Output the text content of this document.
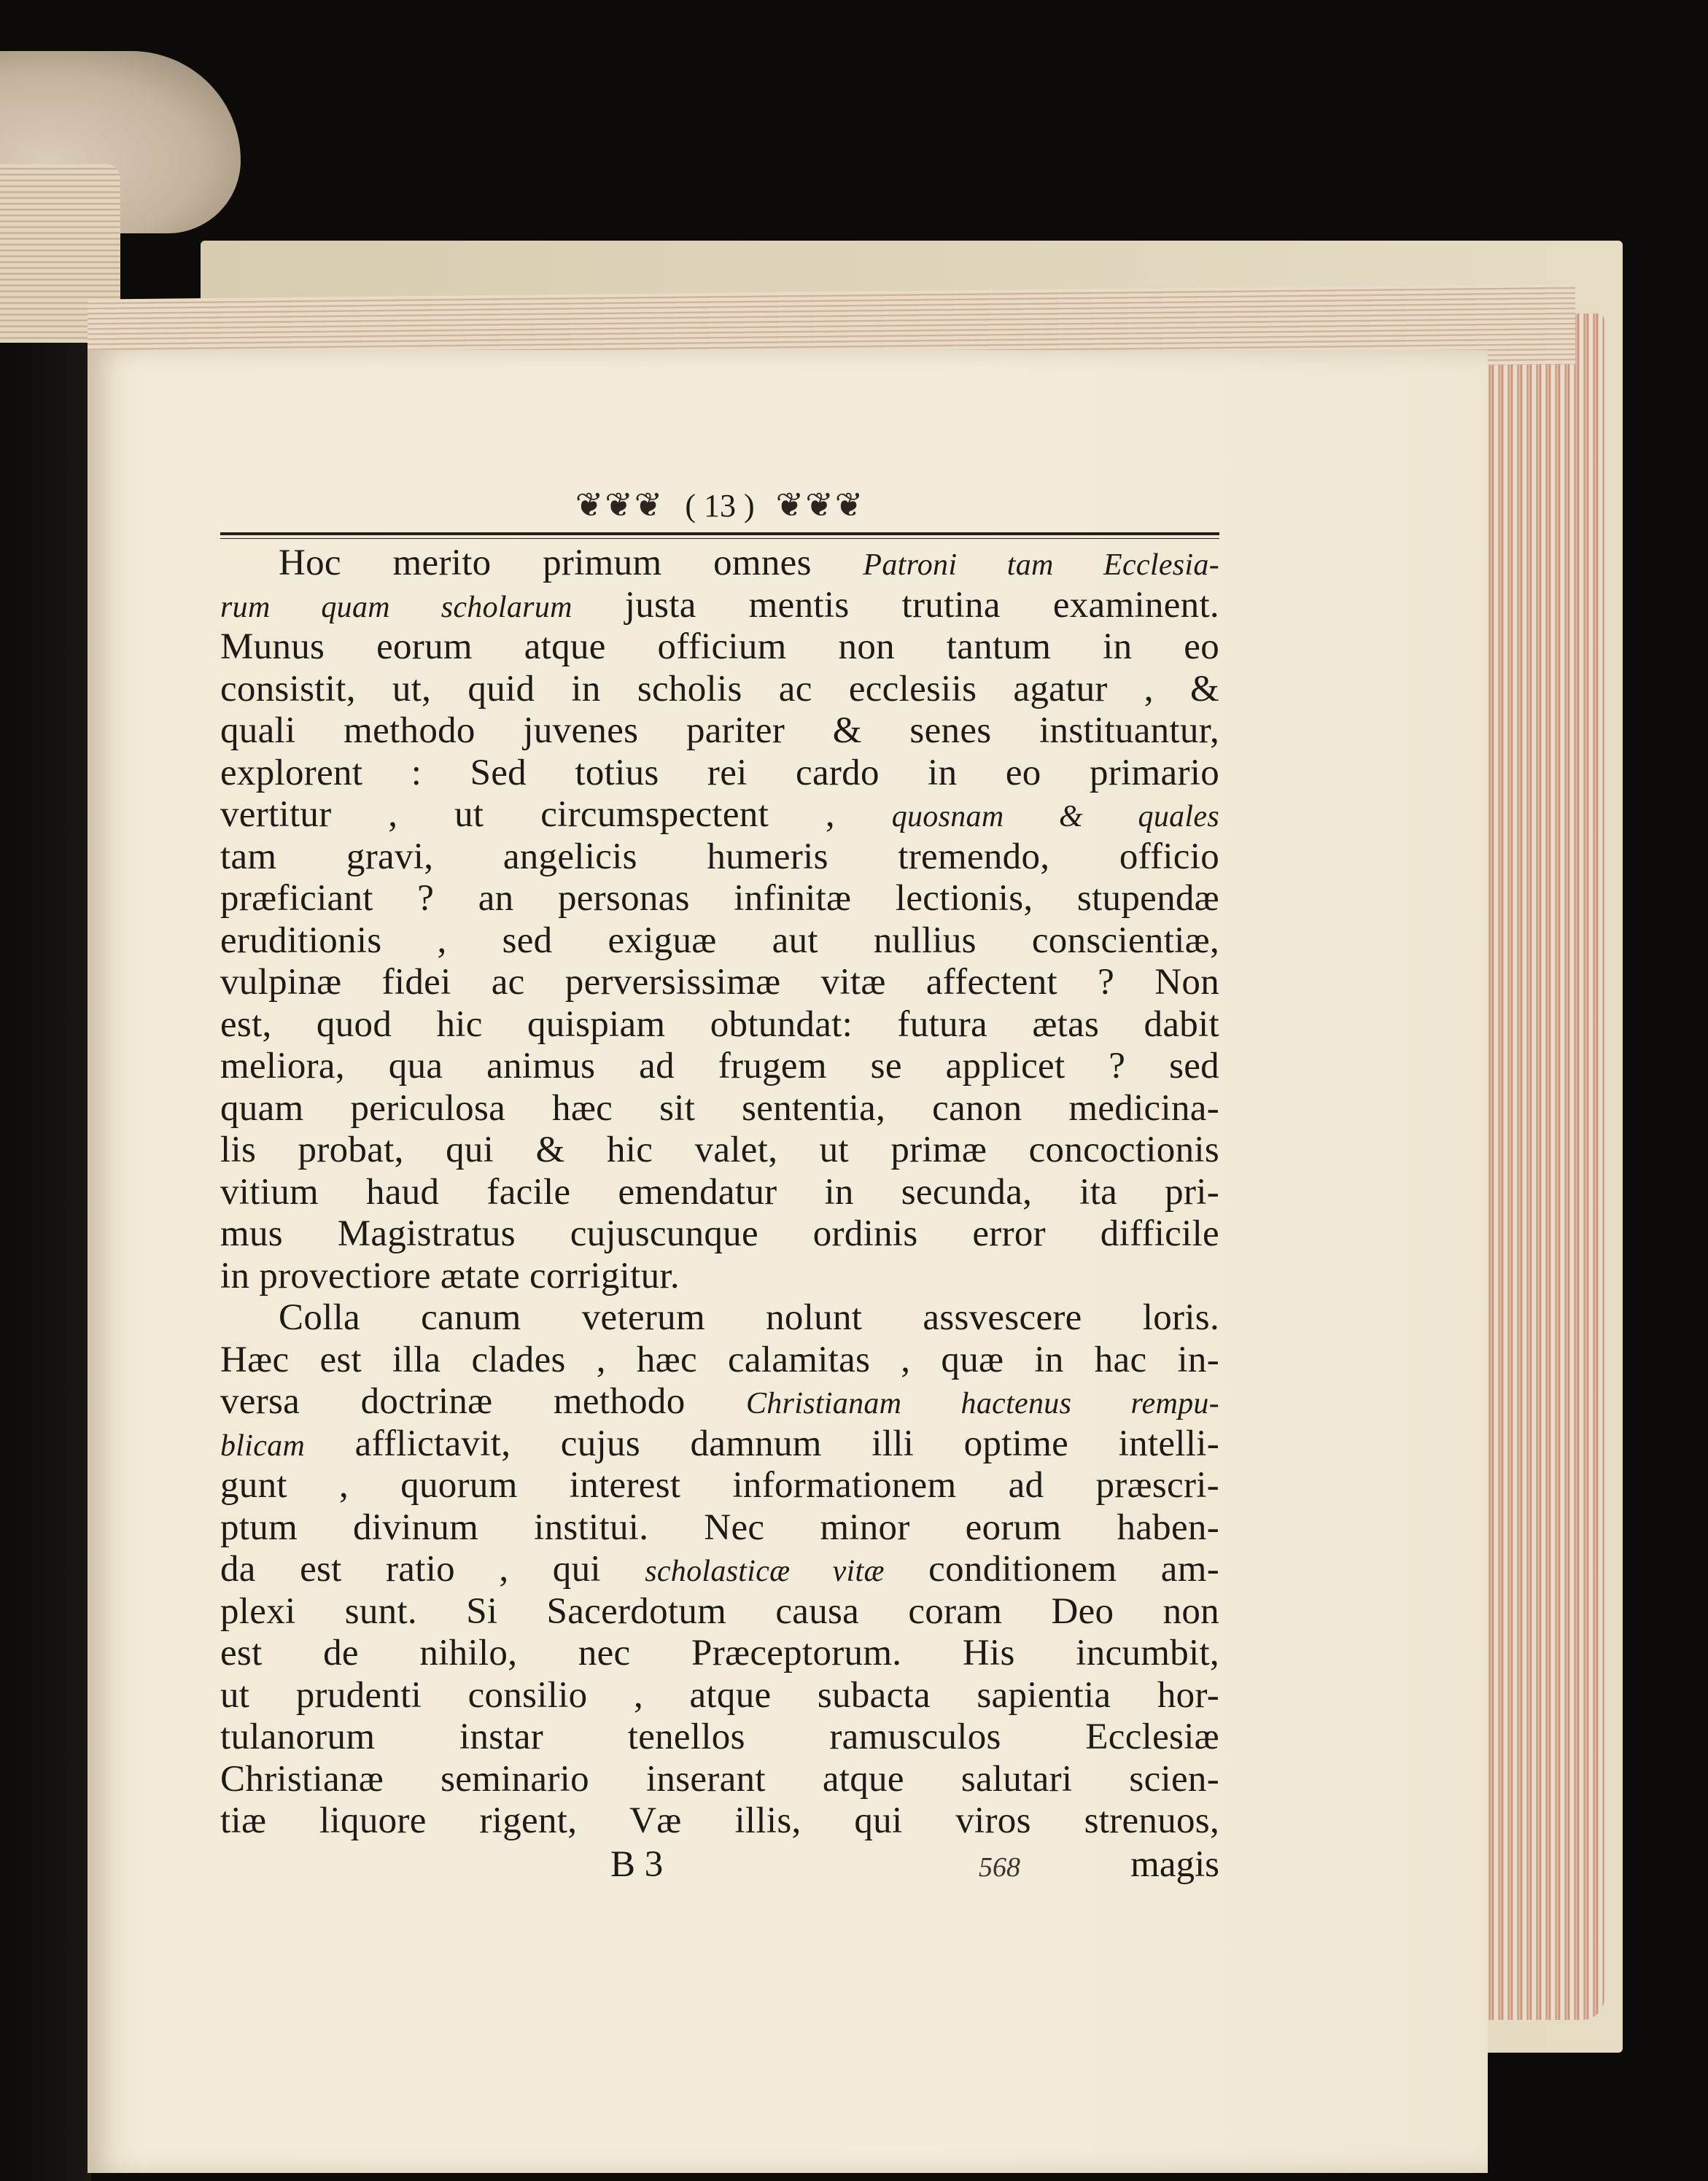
❦❦❦ ( 13 ) ❦❦❦
Hoc merito primum omnes Patroni tam Ecclesia-
rum quam scholarum justa mentis trutina examinent.
Munus eorum atque officium non tantum in eo
consistit, ut, quid in scholis ac ecclesiis agatur , &
quali methodo juvenes pariter & senes instituantur,
explorent : Sed totius rei cardo in eo primario
vertitur , ut circumspectent , quosnam & quales
tam gravi, angelicis humeris tremendo, officio
præficiant ? an personas infinitæ lectionis, stupendæ
eruditionis , sed exiguæ aut nullius conscientiæ,
vulpinæ fidei ac perversissimæ vitæ affectent ? Non
est, quod hic quispiam obtundat: futura ætas dabit
meliora, qua animus ad frugem se applicet ? sed
quam periculosa hæc sit sententia, canon medicina-
lis probat, qui & hic valet, ut primæ concoctionis
vitium haud facile emendatur in secunda, ita pri-
mus Magistratus cujuscunque ordinis error difficile
in provectiore ætate corrigitur.
Colla canum veterum nolunt assvescere loris.
Hæc est illa clades , hæc calamitas , quæ in hac in-
versa doctrinæ methodo Christianam hactenus rempu-
blicam afflictavit, cujus damnum illi optime intelli-
gunt , quorum interest informationem ad præscri-
ptum divinum institui. Nec minor eorum haben-
da est ratio , qui scholasticæ vitæ conditionem am-
plexi sunt. Si Sacerdotum causa coram Deo non
est de nihilo, nec Præceptorum. His incumbit,
ut prudenti consilio , atque subacta sapientia hor-
tulanorum instar tenellos ramusculos Ecclesiæ
Christianæ seminario inserant atque salutari scien-
tiæ liquore rigent, Væ illis, qui viros strenuos,
B 3	568	magis
